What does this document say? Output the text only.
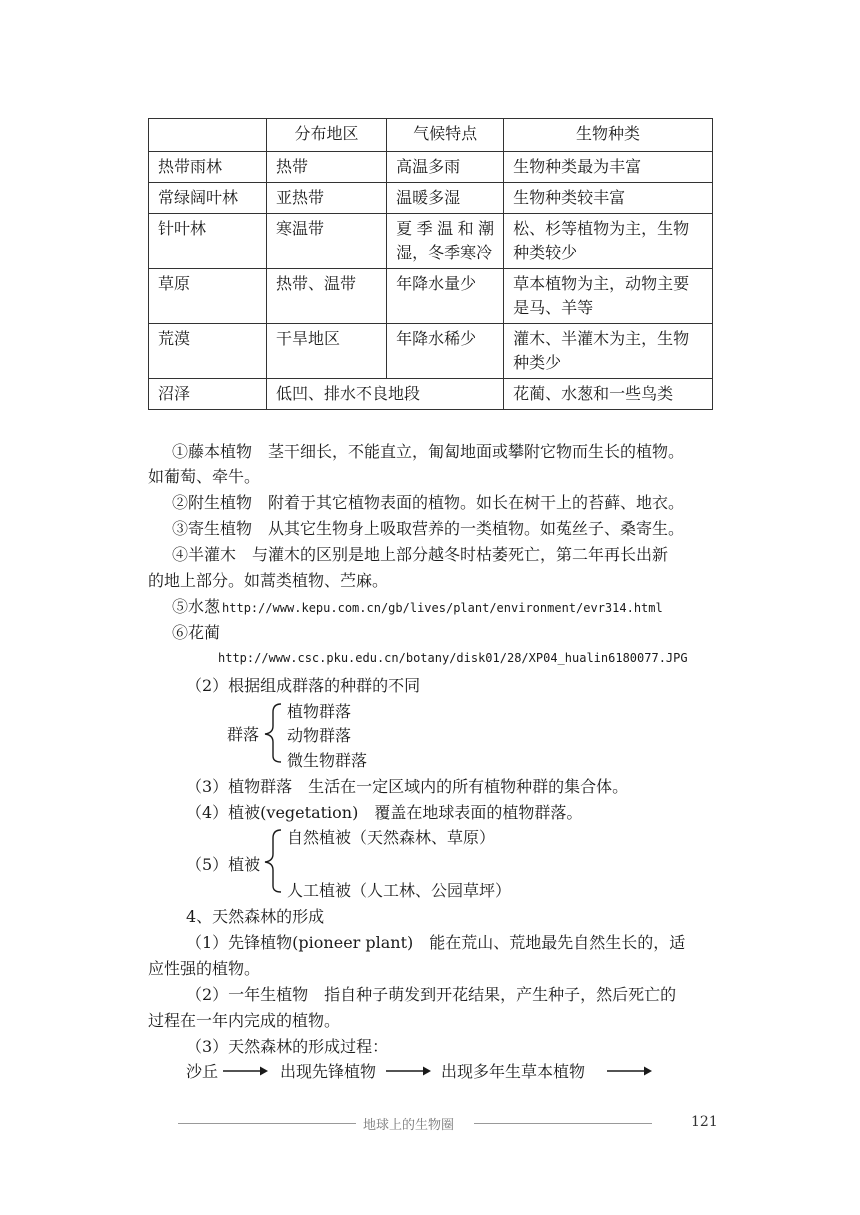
	分布地区	气候特点	生物种类
热带雨林	热带	高温多雨	生物种类最为丰富
常绿阔叶林	亚热带	温暖多湿	生物种类较丰富
针叶林	寒温带	夏季温和潮湿，冬季寒冷	松、杉等植物为主，生物种类较少
草原	热带、温带	年降水量少	草本植物为主，动物主要是马、羊等
荒漠	干旱地区	年降水稀少	灌木、半灌木为主，生物种类少
沼泽	低凹、排水不良地段		花蔺、水葱和一些鸟类
①藤本植物　茎干细长，不能直立，匍匐地面或攀附它物而生长的植物。
如葡萄、牵牛。
②附生植物　附着于其它植物表面的植物。如长在树干上的苔藓、地衣。
③寄生植物　从其它生物身上吸取营养的一类植物。如菟丝子、桑寄生。
④半灌木　与灌木的区别是地上部分越冬时枯萎死亡，第二年再长出新
的地上部分。如蒿类植物、苎麻。
⑤水葱 http://www.kepu.com.cn/gb/lives/plant/environment/evr314.html
⑥花蔺
http://www.csc.pku.edu.cn/botany/disk01/28/XP04_hualin6180077.JPG
（2）根据组成群落的种群的不同
群落
植物群落
动物群落
微生物群落
（3）植物群落　生活在一定区域内的所有植物种群的集合体。
（4）植被(vegetation)　覆盖在地球表面的植物群落。
（5）植被
自然植被（天然森林、草原）
人工植被（人工林、公园草坪）
4、天然森林的形成
（1）先锋植物(pioneer plant)　能在荒山、荒地最先自然生长的，适
应性强的植物。
（2）一年生植物　指自种子萌发到开花结果，产生种子，然后死亡的
过程在一年内完成的植物。
（3）天然森林的形成过程：
沙丘	出现先锋植物	出现多年生草本植物
地球上的生物圈	121
